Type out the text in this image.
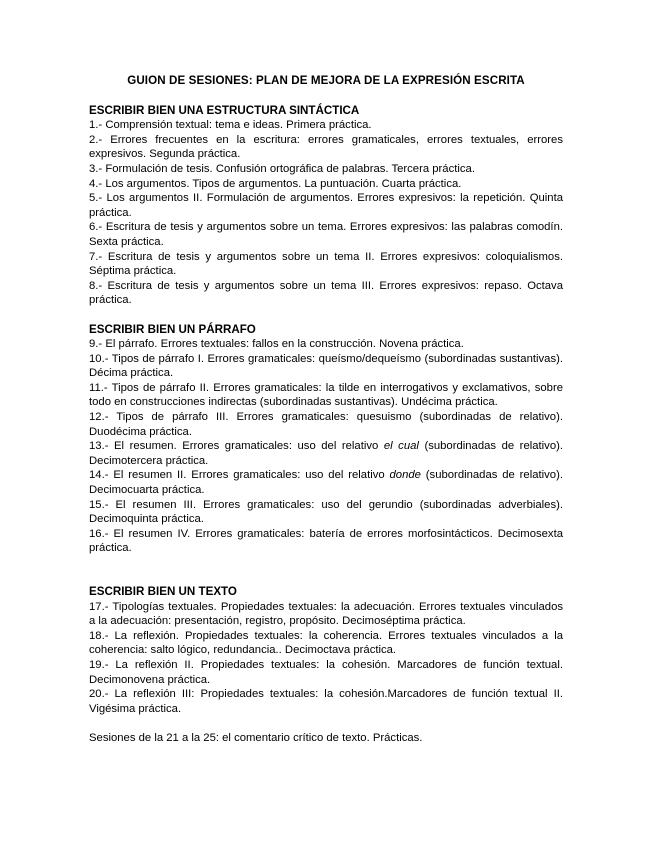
GUION DE SESIONES: PLAN DE MEJORA DE LA EXPRESIÓN ESCRITA

ESCRIBIR BIEN UNA ESTRUCTURA SINTÁCTICA

1.- Comprensión textual: tema e ideas. Primera práctica.

2.- Errores frecuentes en la escritura: errores gramaticales, errores textuales, errores expresivos. Segunda práctica.

3.- Formulación de tesis. Confusión ortográfica de palabras. Tercera práctica.

4.- Los argumentos. Tipos de argumentos. La puntuación. Cuarta práctica.

5.- Los argumentos II. Formulación de argumentos. Errores expresivos: la repetición. Quinta práctica.

6.- Escritura de tesis y argumentos sobre un tema. Errores expresivos: las palabras comodín. Sexta práctica.

7.- Escritura de tesis y argumentos sobre un tema II. Errores expresivos: coloquialismos. Séptima práctica.

8.- Escritura de tesis y argumentos sobre un tema III. Errores expresivos: repaso. Octava práctica.

ESCRIBIR BIEN UN PÁRRAFO

9.- El párrafo. Errores textuales: fallos en la construcción. Novena práctica.

10.- Tipos de párrafo I. Errores gramaticales: queísmo/dequeísmo (subordinadas sustantivas). Décima práctica.

11.- Tipos de párrafo II. Errores gramaticales: la tilde en interrogativos y exclamativos, sobre todo en construcciones indirectas (subordinadas sustantivas). Undécima práctica.

12.- Tipos de párrafo III. Errores gramaticales: quesuismo (subordinadas de relativo). Duodécima práctica.

13.- El resumen. Errores gramaticales: uso del relativo el cual (subordinadas de relativo). Decimotercera práctica.

14.- El resumen II. Errores gramaticales: uso del relativo donde (subordinadas de relativo). Decimocuarta práctica.

15.- El resumen III. Errores gramaticales: uso del gerundio (subordinadas adverbiales). Decimoquinta práctica.

16.- El resumen IV. Errores gramaticales: batería de errores morfosintácticos. Decimosexta práctica.

ESCRIBIR BIEN UN TEXTO

17.- Tipologías textuales. Propiedades textuales: la adecuación. Errores textuales vinculados a la adecuación: presentación, registro, propósito. Decimoséptima práctica.

18.- La reflexión. Propiedades textuales: la coherencia. Errores textuales vinculados a la coherencia: salto lógico, redundancia.. Decimoctava práctica.

19.- La reflexión II. Propiedades textuales: la cohesión. Marcadores de función textual. Decimonovena práctica.

20.- La reflexión III: Propiedades textuales: la cohesión.Marcadores de función textual II. Vigésima práctica.

Sesiones de la 21 a la 25: el comentario crítico de texto. Prácticas.
